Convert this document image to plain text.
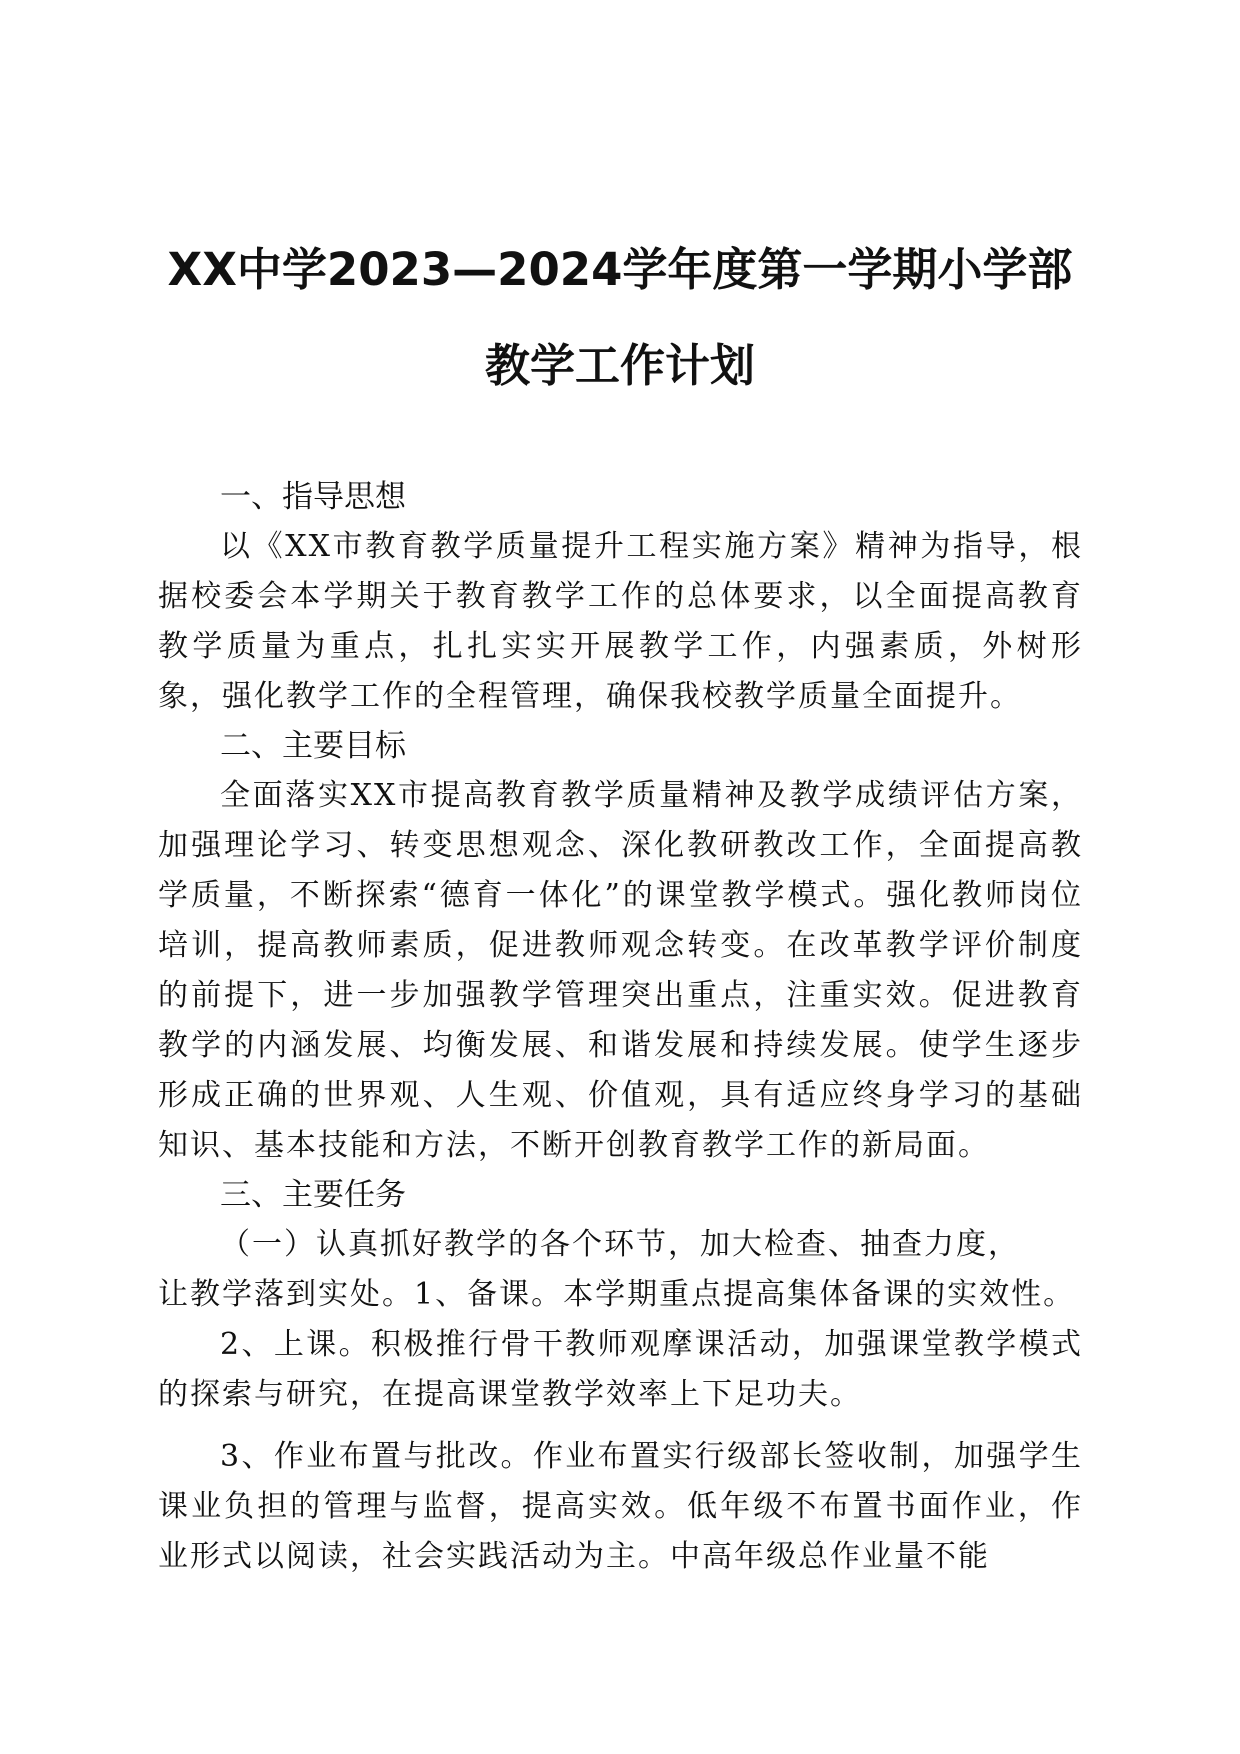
XX中学2023—2024学年度第一学期小学部教学工作计划
一、指导思想

以《XX市教育教学质量提升工程实施方案》精神为指导，根据校委会本学期关于教育教学工作的总体要求，以全面提高教育教学质量为重点，扎扎实实开展教学工作，内强素质，外树形象，强化教学工作的全程管理，确保我校教学质量全面提升。

二、主要目标

全面落实XX市提高教育教学质量精神及教学成绩评估方案，加强理论学习、转变思想观念、深化教研教改工作，全面提高教学质量，不断探索“德育一体化”的课堂教学模式。强化教师岗位培训，提高教师素质，促进教师观念转变。在改革教学评价制度的前提下，进一步加强教学管理突出重点，注重实效。促进教育教学的内涵发展、均衡发展、和谐发展和持续发展。使学生逐步形成正确的世界观、人生观、价值观，具有适应终身学习的基础知识、基本技能和方法，不断开创教育教学工作的新局面。

三、主要任务

（一）认真抓好教学的各个环节，加大检查、抽查力度，

让教学落到实处。1、备课。本学期重点提高集体备课的实效性。

2、上课。积极推行骨干教师观摩课活动，加强课堂教学模式的探索与研究，在提高课堂教学效率上下足功夫。

3、作业布置与批改。作业布置实行级部长签收制，加强学生课业负担的管理与监督，提高实效。低年级不布置书面作业，作业形式以阅读，社会实践活动为主。中高年级总作业量不能
